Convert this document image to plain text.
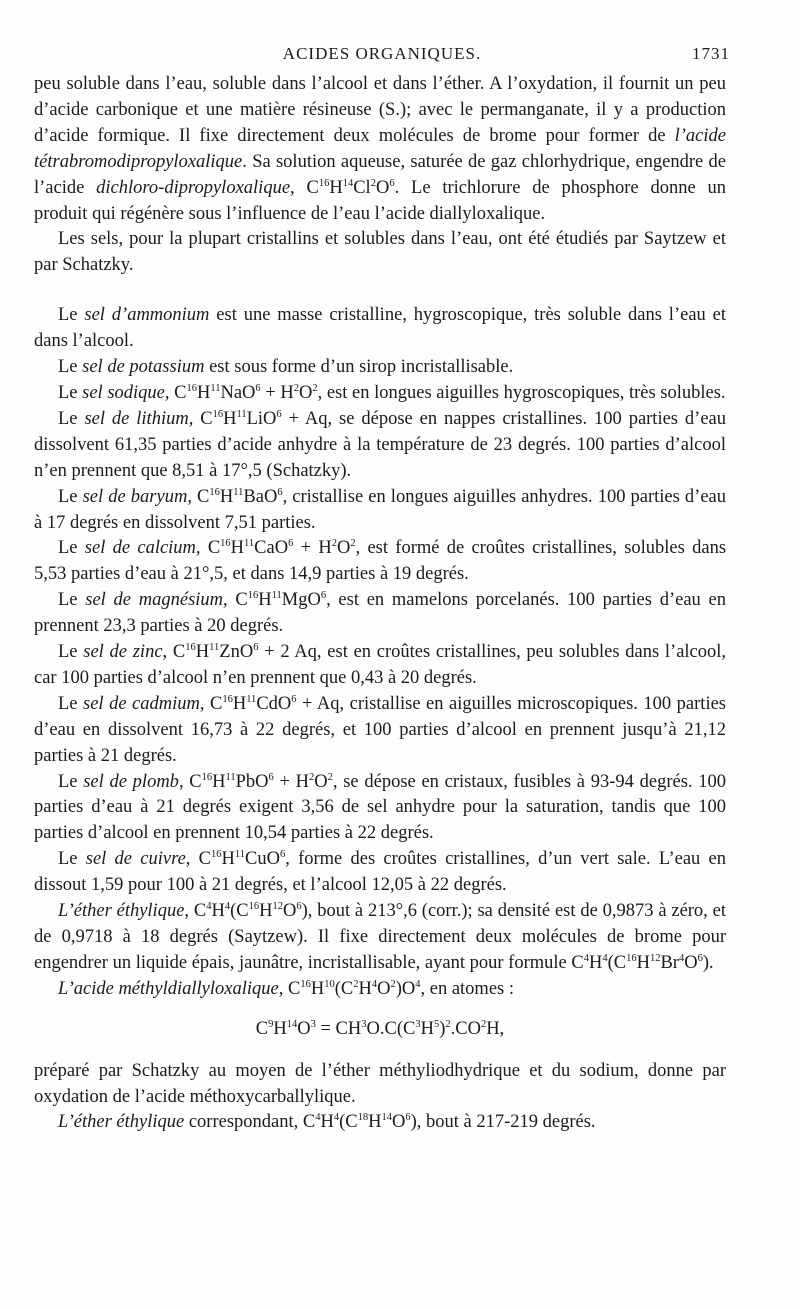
ACIDES ORGANIQUES.	1731

peu soluble dans l’eau, soluble dans l’alcool et dans l’éther. A l’oxydation, il fournit un peu d’acide carbonique et une matière résineuse (S.); avec le permanganate, il y a production d’acide formique. Il fixe directement deux molécules de brome pour former de l’acide tétrabromodipropyloxalique. Sa solution aqueuse, saturée de gaz chlorhydrique, engendre de l’acide dichloro-dipropyloxalique, $C^{16}H^{14}Cl^2O^6$. Le trichlorure de phosphore donne un produit qui régénère sous l’influence de l’eau l’acide diallyloxalique.

Les sels, pour la plupart cristallins et solubles dans l’eau, ont été étudiés par Saytzew et par Schatzky.

Le sel d’ammonium est une masse cristalline, hygroscopique, très soluble dans l’eau et dans l’alcool.

Le sel de potassium est sous forme d’un sirop incristallisable.

Le sel sodique, $C^{16}H^{11}NaO^6 + H^2O^2$, est en longues aiguilles hygroscopiques, très solubles.

Le sel de lithium, $C^{16}H^{11}LiO^6 + Aq$, se dépose en nappes cristallines. 100 parties d’eau dissolvent 61,35 parties d’acide anhydre à la température de 23 degrés. 100 parties d’alcool n’en prennent que 8,51 à 17°,5 (Schatzky).

Le sel de baryum, $C^{16}H^{11}BaO^6$, cristallise en longues aiguilles anhydres. 100 parties d’eau à 17 degrés en dissolvent 7,51 parties.

Le sel de calcium, $C^{16}H^{11}CaO^6 + H^2O^2$, est formé de croûtes cristallines, solubles dans 5,53 parties d’eau à 21°,5, et dans 14,9 parties à 19 degrés.

Le sel de magnésium, $C^{16}H^{11}MgO^6$, est en mamelons porcelanés. 100 parties d’eau en prennent 23,3 parties à 20 degrés.

Le sel de zinc, $C^{16}H^{11}ZnO^6 + 2$ Aq, est en croûtes cristallines, peu solubles dans l’alcool, car 100 parties d’alcool n’en prennent que 0,43 à 20 degrés.

Le sel de cadmium, $C^{16}H^{11}CdO^6 + Aq$, cristallise en aiguilles microscopiques. 100 parties d’eau en dissolvent 16,73 à 22 degrés, et 100 parties d’alcool en prennent jusqu’à 21,12 parties à 21 degrés.

Le sel de plomb, $C^{16}H^{11}PbO^6 + H^2O^2$, se dépose en cristaux, fusibles à 93-94 degrés. 100 parties d’eau à 21 degrés exigent 3,56 de sel anhydre pour la saturation, tandis que 100 parties d’alcool en prennent 10,54 parties à 22 degrés.

Le sel de cuivre, $C^{16}H^{11}CuO^6$, forme des croûtes cristallines, d’un vert sale. L’eau en dissout 1,59 pour 100 à 21 degrés, et l’alcool 12,05 à 22 degrés.

L’éther éthylique, $C^4H^4(C^{16}H^{12}O^6)$, bout à 213°,6 (corr.); sa densité est de 0,9873 à zéro, et de 0,9718 à 18 degrés (Saytzew). Il fixe directement deux molécules de brome pour engendrer un liquide épais, jaunâtre, incristallisable, ayant pour formule $C^4H^4(C^{16}H^{12}Br^4O^6)$.

L’acide méthyldiallyloxalique, $C^{16}H^{10}(C^2H^4O^2)O^4$, en atomes :

$C^9H^{14}O^3 = CH^3O.C(C^3H^5)^2.CO^2H$,

préparé par Schatzky au moyen de l’éther méthyliodhydrique et du sodium, donne par oxydation de l’acide méthoxycarballylique.

L’éther éthylique correspondant, $C^4H^4(C^{18}H^{14}O^6)$, bout à 217-219 degrés.
